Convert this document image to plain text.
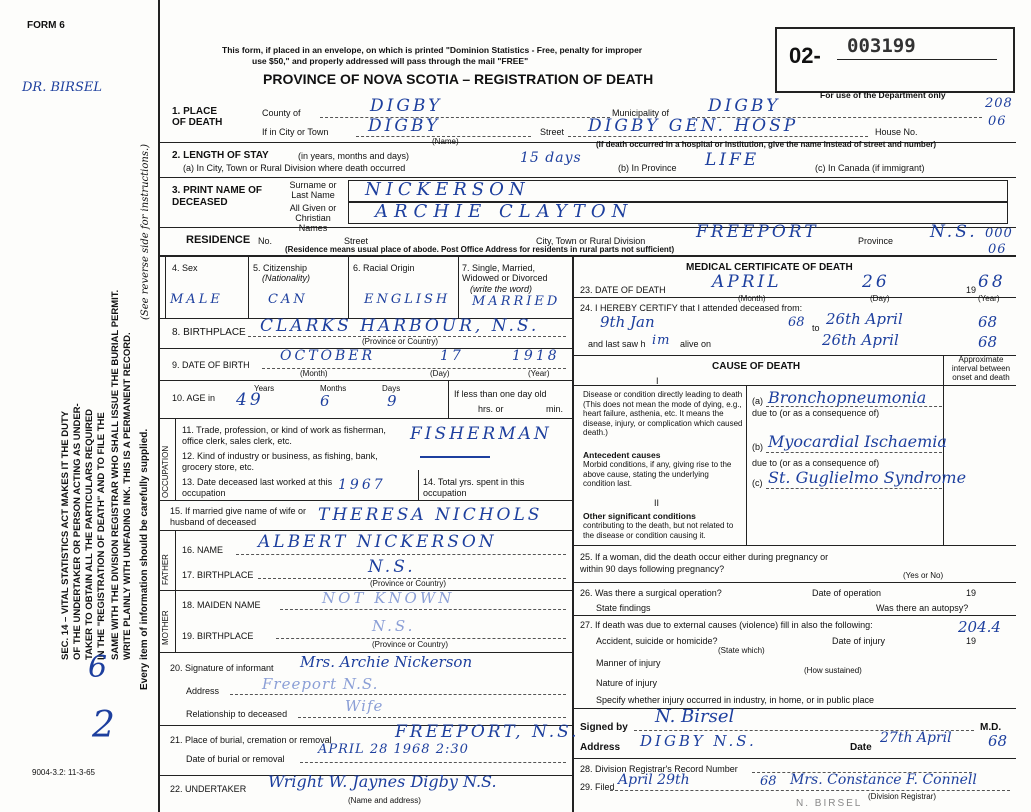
FORM 6
DR. BIRSEL
This form, if placed in an envelope, on which is printed "Dominion Statistics - Free, penalty for improper
use $50," and properly addressed will pass through the mail "FREE"
PROVINCE OF NOVA SCOTIA – REGISTRATION OF DEATH
02- 003199
For use of the Department only
208
06
000
06
SEC. 14 – VITAL STATISTICS ACT MAKES IT THE DUTY OF THE UNDERTAKER OR PERSON ACTING AS UNDER- TAKER TO OBTAIN ALL THE PARTICULARS REQUIRED IN THE "REGISTRATION OF DEATH" AND TO FILE THE SAME WITH THE DIVISION REGISTRAR WHO SHALL ISSUE THE BURIAL PERMIT. WRITE PLAINLY WITH UNFADING INK. THIS IS A PERMANENT RECORD.
(See reverse side for instructions.)
Every item of information should be carefully supplied.
6
2
9004-3.2: 11-3-65
1. PLACE OF DEATH
County of	DIGBY	Municipality of DIGBY
If in City or Town DIGBY
(Name)
Street DIGBY GEN. HOSP	House No.
(If death occurred in a hospital or institution, give the name instead of street and number)
2. LENGTH OF STAY	(in years, months and days)
(a) In City, Town or Rural Division where death occurred
15 days
(b) In Province LIFE	(c) In Canada (if immigrant)
3. PRINT NAME OF DECEASED
Surname or Last Name	NICKERSON
All Given or Christian Names
ARCHIE CLAYTON
RESIDENCE No.	Street	City, Town or Rural Division	FREEPORT	Province N.S.
(Residence means usual place of abode. Post Office Address for residents in rural parts not sufficient)
4. Sex
MALE
5. Citizenship
(Nationality)
CAN
6. Racial Origin
ENGLISH
7. Single, Married, Widowed or Divorced
(write the word)
MARRIED
8. BIRTHPLACE CLARKS HARBOUR, N.S.
(Province or Country)
9. DATE OF BIRTH
OCTOBER	17	1918
(Month)	(Day)	(Year)
10. AGE in
Years
49
Months
6
Days
9	If less than one day old
hrs. or	min.
OCCUPATION
11. Trade, profession, or kind of work as fisherman, office clerk, sales clerk, etc.	FISHERMAN
12. Kind of industry or business, as fishing, bank, grocery store, etc.
13. Date deceased last worked at this occupation	1967	14. Total yrs. spent in this occupation
15. If married give name of wife or husband of deceased	THERESA NICHOLS
FATHER
16. NAME ALBERT NICKERSON
17. BIRTHPLACE	N.S.
(Province or Country)
MOTHER
18. MAIDEN NAME	NOT KNOWN
19. BIRTHPLACE
N.S.
(Province or Country)
20. Signature of informant Mrs. Archie Nickerson
Address	Freeport N.S.
Relationship to deceased	Wife
21. Place of burial, cremation or removal	FREEPORT, N.S.
Date of burial or removal
APRIL 28 1968 2:30
22. UNDERTAKER Wright W. Jaynes Digby N.S.
(Name and address)
MEDICAL CERTIFICATE OF DEATH
23. DATE OF DEATH	APRIL	26	19 68
(Month)	(Day)	(Year)
24. I HEREBY CERTIFY that I attended deceased from:
9th Jan	68 to 26th April	68
and last saw h im alive on	26th April	68
CAUSE OF DEATH
Approximate interval between onset and death
I
Disease or condition directly leading to death (This does not mean the mode of dying, e.g., heart failure, asthenia, etc. It means the disease, injury, or complication which caused death.)
(a) Bronchopneumonia
due to (or as a consequence of)
Antecedent causes
Morbid conditions, if any, giving rise to the above cause, stating the underlying condition last.
(b) Myocardial Ischaemia
due to (or as a consequence of)
(c) St. Guglielmo Syndrome
II
Other significant conditions
contributing to the death, but not related to the disease or condition causing it.
25. If a woman, did the death occur either during pregnancy or within 90 days following pregnancy?
(Yes or No)
26. Was there a surgical operation?	Date of operation	19
State findings	Was there an autopsy?
27. If death was due to external causes (violence) fill in also the following:	204.4
Accident, suicide or homicide?	Date of injury	19
(State which)
Manner of injury
(How sustained)
Nature of injury
Specify whether injury occurred in industry, in home, or in public place
Signed by
N. Birsel
M.D.
Address DIGBY N.S.	Date
27th April 68
28. Division Registrar's Record Number
29. Filed April 29th	68 Mrs. Constance F. Connell
(Division Registrar)
N. BIRSEL
